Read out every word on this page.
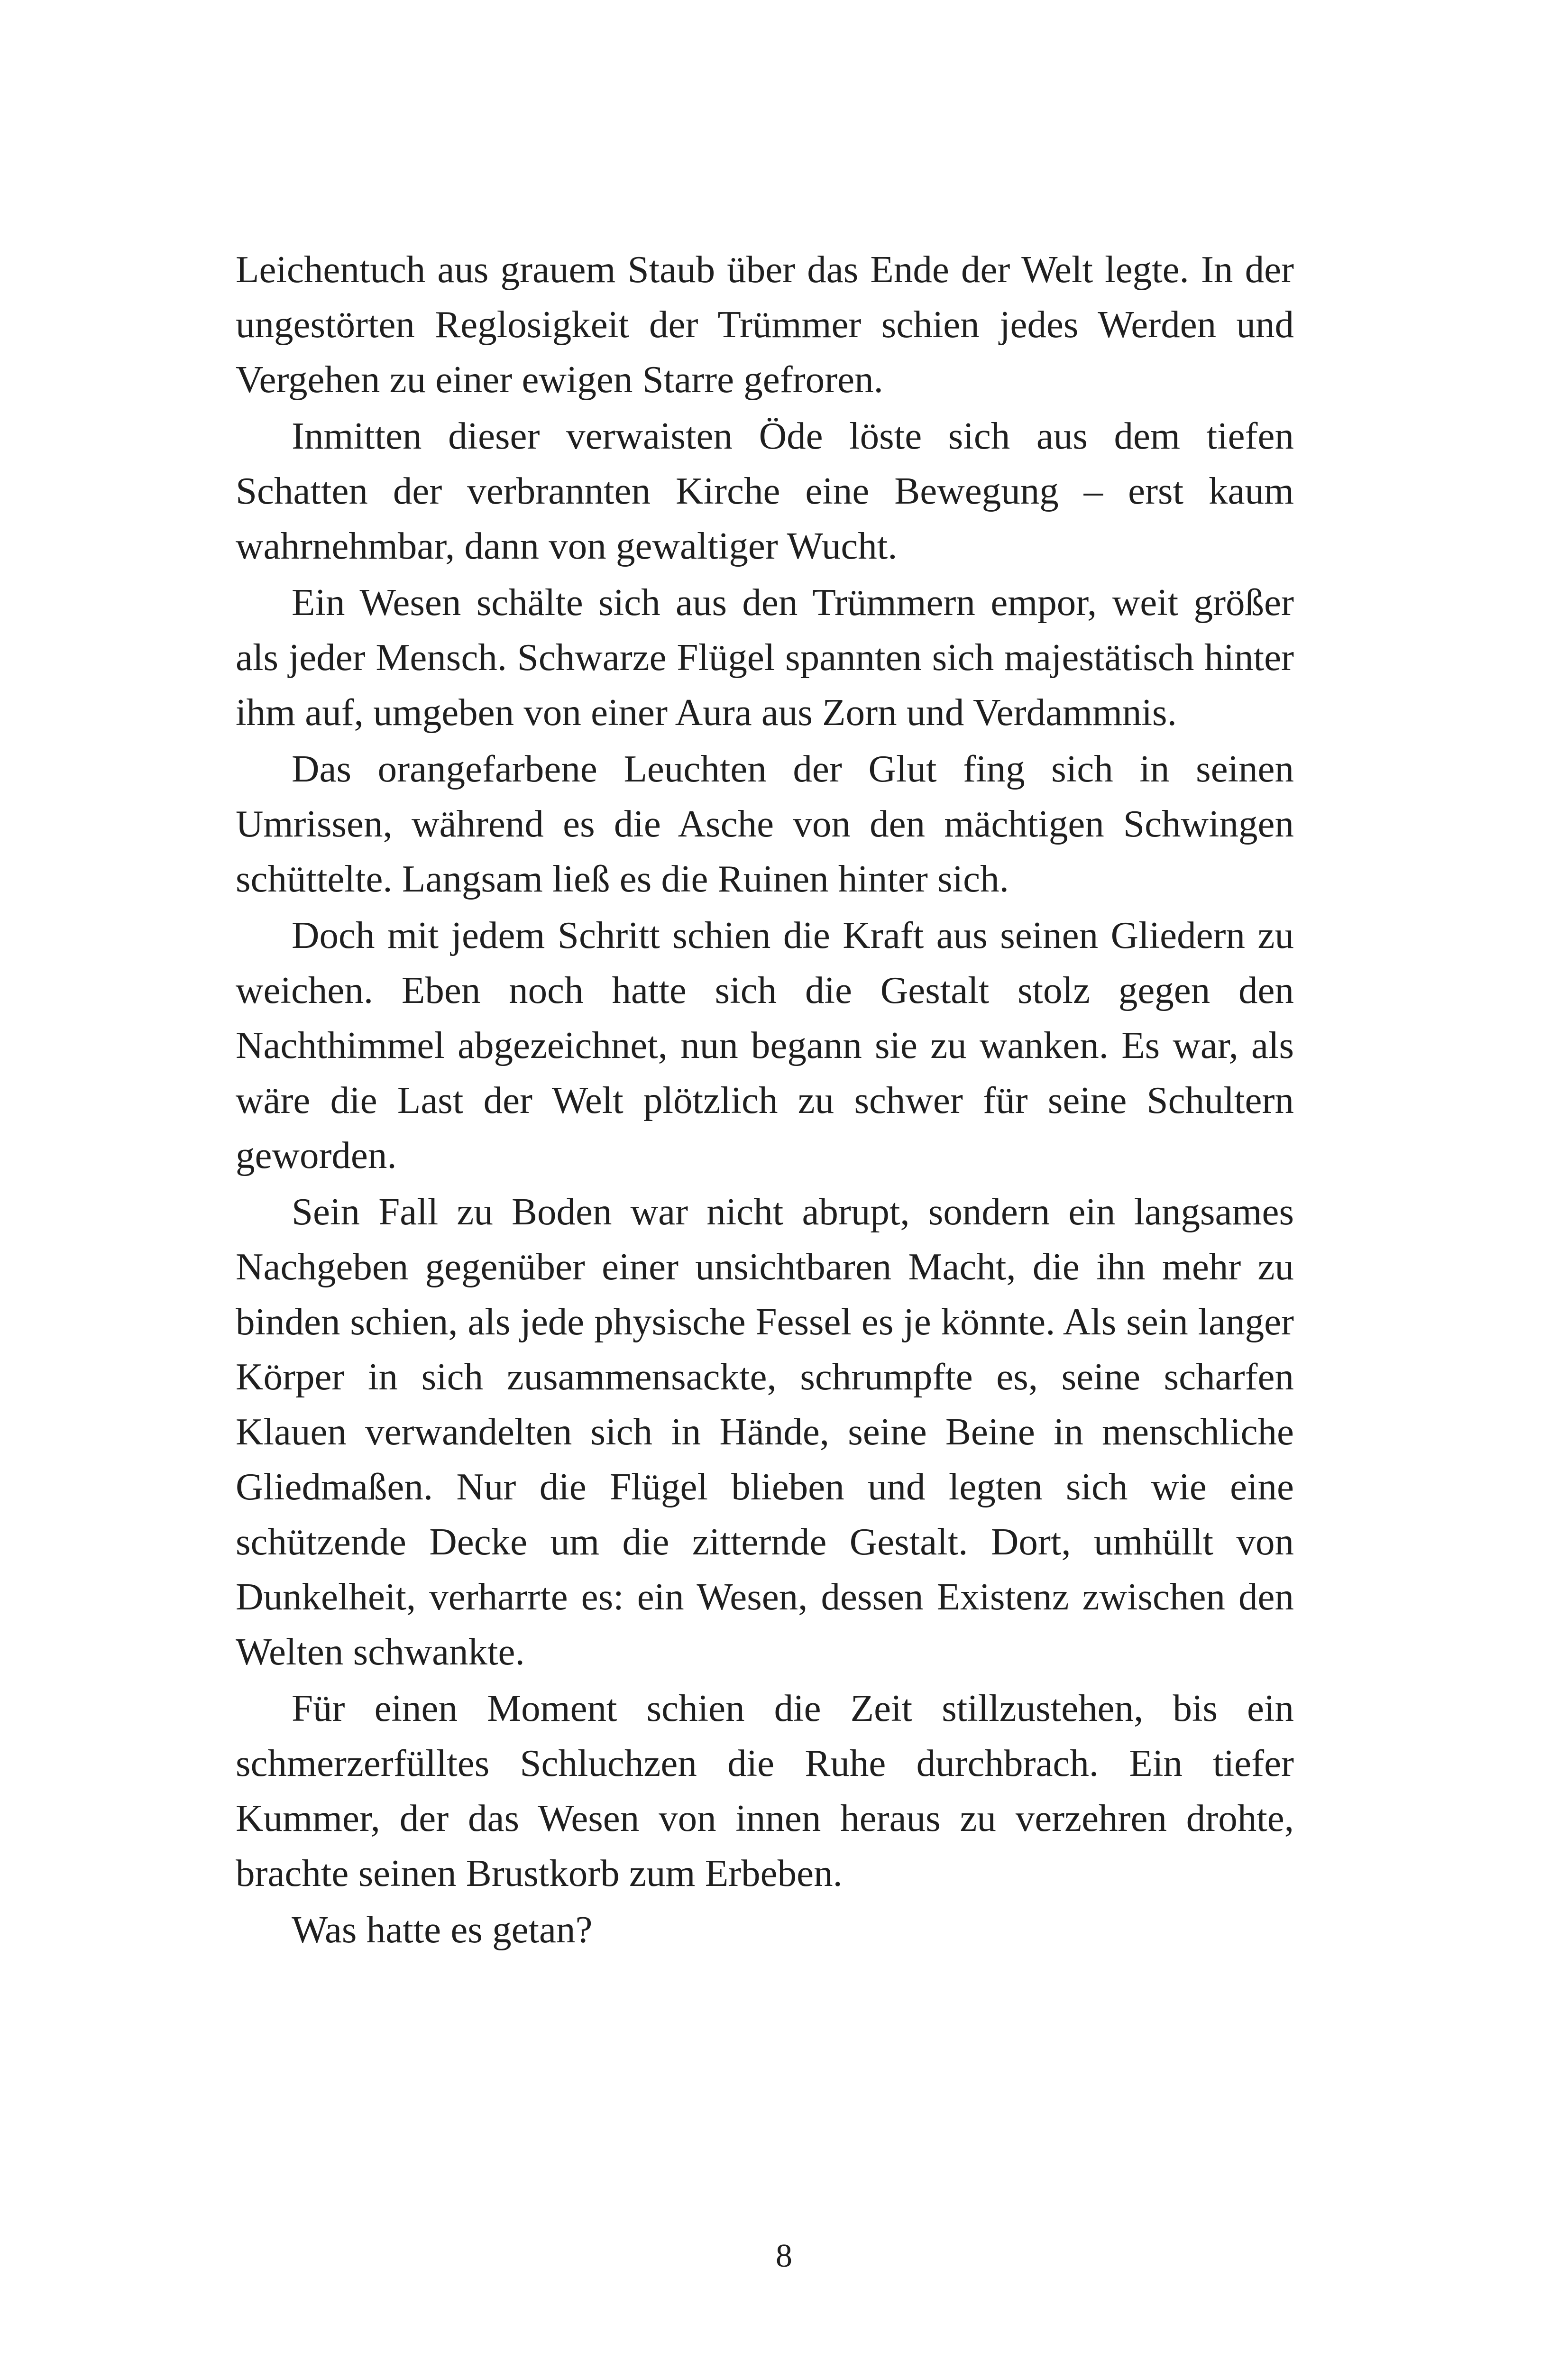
Leichentuch aus grauem Staub über das Ende der Welt legte. In der ungestörten Reglosigkeit der Trümmer schien jedes Werden und Vergehen zu einer ewigen Starre gefroren.

Inmitten dieser verwaisten Öde löste sich aus dem tiefen Schatten der verbrannten Kirche eine Bewegung – erst kaum wahrnehmbar, dann von gewaltiger Wucht.

Ein Wesen schälte sich aus den Trümmern empor, weit größer als jeder Mensch. Schwarze Flügel spannten sich majestätisch hinter ihm auf, umgeben von einer Aura aus Zorn und Verdammnis.

Das orangefarbene Leuchten der Glut fing sich in seinen Umrissen, während es die Asche von den mächtigen Schwingen schüttelte. Langsam ließ es die Ruinen hinter sich.

Doch mit jedem Schritt schien die Kraft aus seinen Gliedern zu weichen. Eben noch hatte sich die Gestalt stolz gegen den Nachthimmel abgezeichnet, nun begann sie zu wanken. Es war, als wäre die Last der Welt plötzlich zu schwer für seine Schultern geworden.

Sein Fall zu Boden war nicht abrupt, sondern ein langsames Nachgeben gegenüber einer unsichtbaren Macht, die ihn mehr zu binden schien, als jede physische Fessel es je könnte. Als sein langer Körper in sich zusammensackte, schrumpfte es, seine scharfen Klauen verwandelten sich in Hände, seine Beine in menschliche Gliedmaßen. Nur die Flügel blieben und legten sich wie eine schützende Decke um die zitternde Gestalt. Dort, umhüllt von Dunkelheit, verharrte es: ein Wesen, dessen Existenz zwischen den Welten schwankte.

Für einen Moment schien die Zeit stillzustehen, bis ein schmerzerfülltes Schluchzen die Ruhe durchbrach. Ein tiefer Kummer, der das Wesen von innen heraus zu verzehren drohte, brachte seinen Brustkorb zum Erbeben.

Was hatte es getan?

8
